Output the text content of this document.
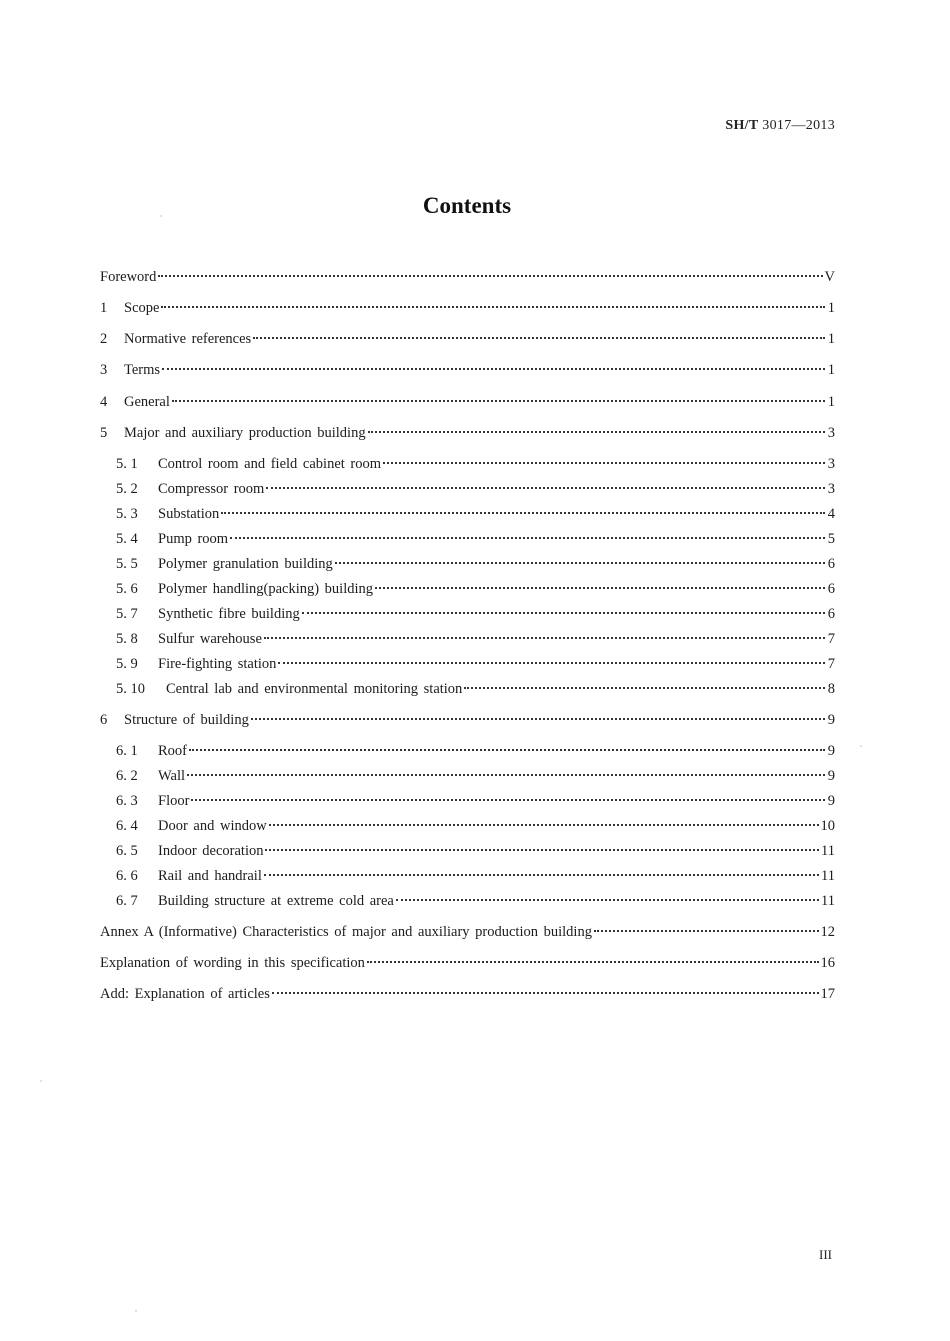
SH/T 3017—2013
Contents
Foreword	V
1	Scope	1
2	Normative references	1
3	Terms	1
4	General	1
5	Major and auxiliary production building	3
5. 1	Control room and field cabinet room	3
5. 2	Compressor room	3
5. 3	Substation	4
5. 4	Pump room	5
5. 5	Polymer granulation building	6
5. 6	Polymer handling(packing) building	6
5. 7	Synthetic fibre building	6
5. 8	Sulfur warehouse	7
5. 9	Fire-fighting station	7
5. 10	Central lab and environmental monitoring station	8
6	Structure of building	9
6. 1	Roof	9
6. 2	Wall	9
6. 3	Floor	9
6. 4	Door and window	10
6. 5	Indoor decoration	11
6. 6	Rail and handrail	11
6. 7	Building structure at extreme cold area	11
Annex A (Informative) Characteristics of major and auxiliary production building	12
Explanation of wording in this specification	16
Add: Explanation of articles	17
III
